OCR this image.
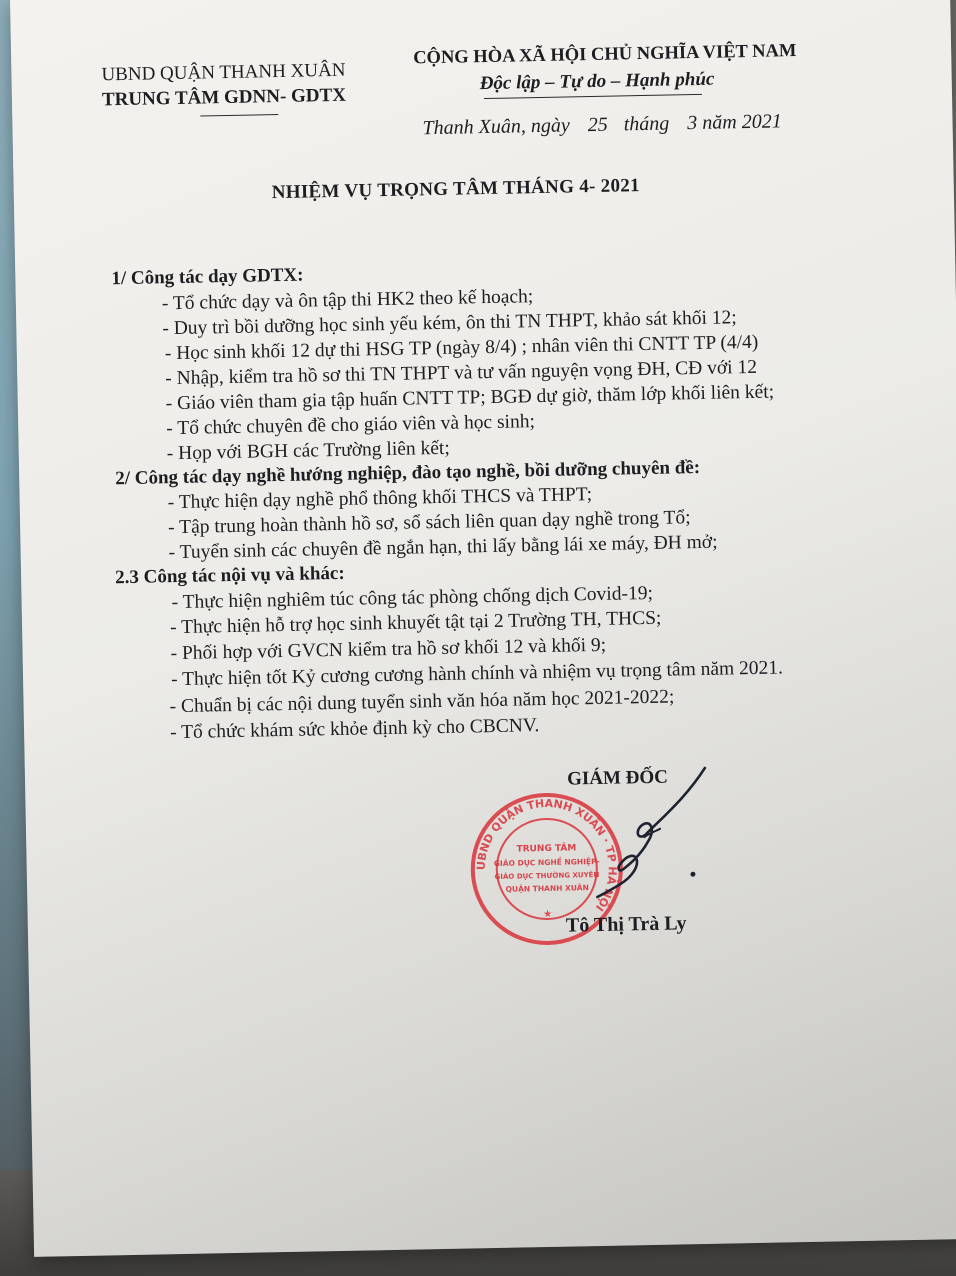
UBND QUẬN THANH XUÂN
TRUNG TÂM GDNN- GDTX
CỘNG HÒA XÃ HỘI CHỦ NGHĨA VIỆT NAM
Độc lập – Tự do – Hạnh phúc
Thanh Xuân, ngày 25 tháng 3 năm 2021
NHIỆM VỤ TRỌNG TÂM THÁNG 4- 2021
1/ Công tác dạy GDTX:
- Tổ chức dạy và ôn tập thi HK2 theo kế hoạch;
- Duy trì bồi dưỡng học sinh yếu kém, ôn thi TN THPT, khảo sát khối 12;
- Học sinh khối 12 dự thi HSG TP (ngày 8/4) ; nhân viên thi CNTT TP (4/4)
- Nhập, kiểm tra hồ sơ thi TN THPT và tư vấn nguyện vọng ĐH, CĐ với 12
- Giáo viên tham gia tập huấn CNTT TP; BGĐ dự giờ, thăm lớp khối liên kết;
- Tổ chức chuyên đề cho giáo viên và học sinh;
- Họp với BGH các Trường liên kết;
2/ Công tác dạy nghề hướng nghiệp, đào tạo nghề, bồi dưỡng chuyên đề:
- Thực hiện dạy nghề phổ thông khối THCS và THPT;
- Tập trung hoàn thành hồ sơ, sổ sách liên quan dạy nghề trong Tổ;
- Tuyển sinh các chuyên đề ngắn hạn, thi lấy bằng lái xe máy, ĐH mở;
2.3 Công tác nội vụ và khác:
- Thực hiện nghiêm túc công tác phòng chống dịch Covid-19;
- Thực hiện hỗ trợ học sinh khuyết tật tại 2 Trường TH, THCS;
- Phối hợp với GVCN kiểm tra hồ sơ khối 12 và khối 9;
- Thực hiện tốt Kỷ cương cương hành chính và nhiệm vụ trọng tâm năm 2021.
- Chuẩn bị các nội dung tuyển sinh văn hóa năm học 2021-2022;
- Tổ chức khám sức khỏe định kỳ cho CBCNV.
GIÁM ĐỐC
UBND QUẬN THANH XUÂN · TP HÀ NỘI
TRUNG TÂM
GIÁO DỤC NGHỀ NGHIỆP-
GIÁO DỤC THƯỜNG XUYÊN
QUẬN THANH XUÂN
★ Tô Thị Trà Ly
